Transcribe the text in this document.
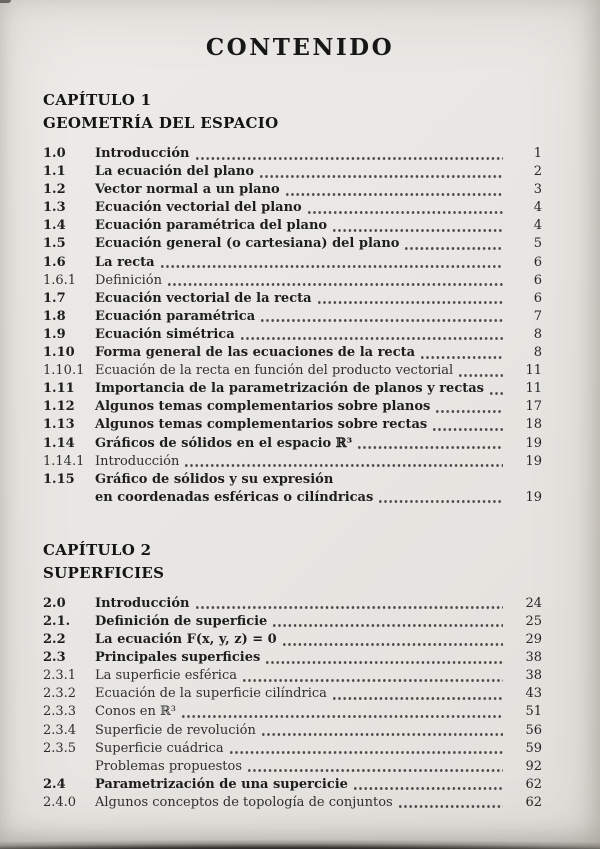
CONTENIDO
CAPÍTULO 1
GEOMETRÍA DEL ESPACIO
1.0	Introducción	1
1.1	La ecuación del plano	2
1.2	Vector normal a un plano	3
1.3	Ecuación vectorial del plano	4
1.4	Ecuación paramétrica del plano	4
1.5	Ecuación general (o cartesiana) del plano	5
1.6	La recta	6
1.6.1	Definición	6
1.7	Ecuación vectorial de la recta	6
1.8	Ecuación paramétrica	7
1.9	Ecuación simétrica	8
1.10	Forma general de las ecuaciones de la recta	8
1.10.1 Ecuación de la recta en función del producto vectorial	11
1.11	Importancia de la parametrización de planos y rectas	11
1.12	Algunos temas complementarios sobre planos	17
1.13	Algunos temas complementarios sobre rectas	18
1.14	Gráficos de sólidos en el espacio ℝ³	19
1.14.1 Introducción	19
1.15	Gráfico de sólidos y su expresión
en coordenadas esféricas o cilíndricas	19
CAPÍTULO 2
SUPERFICIES
2.0	Introducción	24
2.1.	Definición de superficie	25
2.2	La ecuación F(x, y, z) = 0	29
2.3	Principales superficies	38
2.3.1	La superficie esférica	38
2.3.2	Ecuación de la superficie cilíndrica	43
2.3.3	Conos en ℝ³	51
2.3.4	Superficie de revolución	56
2.3.5	Superficie cuádrica	59
Problemas propuestos	92
2.4	Parametrización de una supercicie	62
2.4.0	Algunos conceptos de topología de conjuntos	62
